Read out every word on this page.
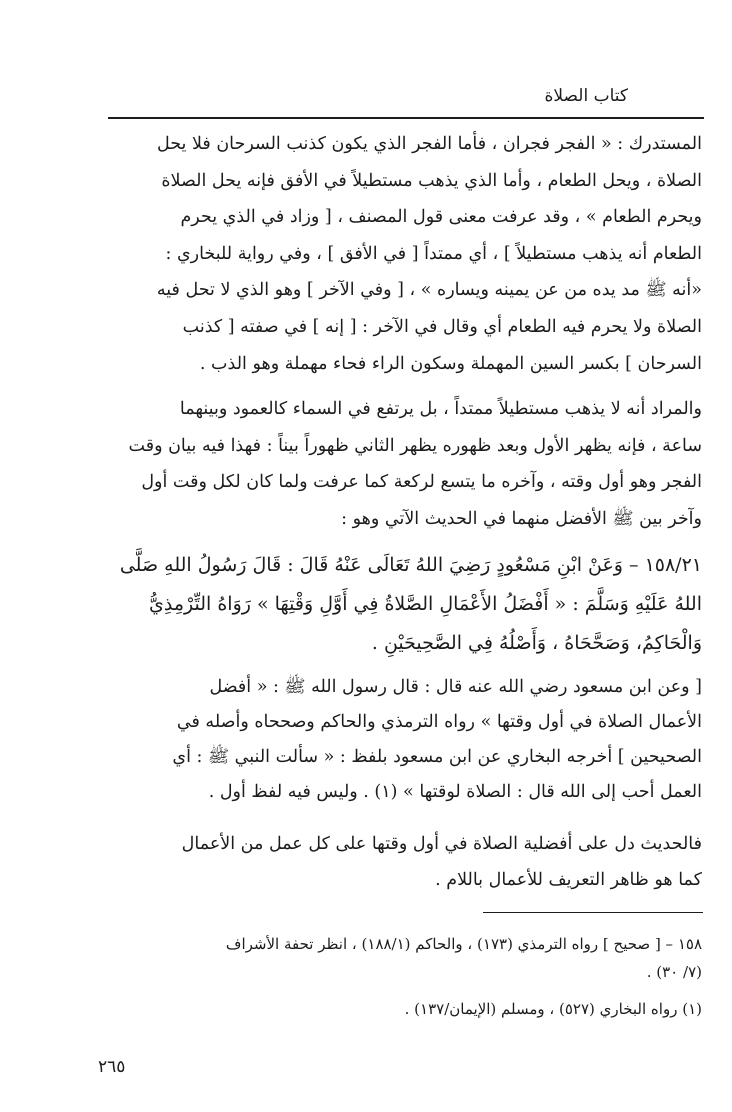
كتاب الصلاة
المستدرك : « الفجر فجران ، فأما الفجر الذي يكون كذنب السرحان فلا يحل
الصلاة ، ويحل الطعام ، وأما الذي يذهب مستطيلاً في الأفق فإنه يحل الصلاة
ويحرم الطعام » ، وقد عرفت معنى قول المصنف ، [ وزاد في الذي يحرم
الطعام أنه يذهب مستطيلاً ] ، أي ممتداً [ في الأفق ] ، وفي رواية للبخاري :
«أنه ﷺ مد يده من عن يمينه ويساره » ، [ وفي الآخر ] وهو الذي لا تحل فيه
الصلاة ولا يحرم فيه الطعام أي وقال في الآخر : [ إنه ] في صفته [ كذنب
السرحان ] بكسر السين المهملة وسكون الراء فحاء مهملة وهو الذب .
والمراد أنه لا يذهب مستطيلاً ممتداً ، بل يرتفع في السماء كالعمود وبينهما
ساعة ، فإنه يظهر الأول وبعد ظهوره يظهر الثاني ظهوراً بيناً : فهذا فيه بيان وقت
الفجر وهو أول وقته ، وآخره ما يتسع لركعة كما عرفت ولما كان لكل وقت أول
وآخر بين ﷺ الأفضل منهما في الحديث الآتي وهو :
١٥٨/٢١ – وَعَنْ ابْنِ مَسْعُودٍ رَضِيَ اللهُ تَعَالَى عَنْهُ قَالَ : قَالَ رَسُولُ اللهِ صَلَّى
اللهُ عَلَيْهِ وَسَلَّمَ : « أَفْضَلُ الأَعْمَالِ الصَّلاةُ فِي أَوَّلِ وَقْتِهَا » رَوَاهُ التِّرْمِذِيُّ
وَالْحَاكِمُ، وَصَحَّحَاهُ ، وَأَصْلُهُ فِي الصَّحِيحَيْنِ .
[ وعن ابن مسعود رضي الله عنه قال : قال رسول الله ﷺ : « أفضل
الأعمال الصلاة في أول وقتها » رواه الترمذي والحاكم وصححاه وأصله في
الصحيحين ] أخرجه البخاري عن ابن مسعود بلفظ : « سألت النبي ﷺ : أي
العمل أحب إلى الله قال : الصلاة لوقتها » (١) . وليس فيه لفظ أول .
فالحديث دل على أفضلية الصلاة في أول وقتها على كل عمل من الأعمال
كما هو ظاهر التعريف للأعمال باللام .
١٥٨ – [ صحيح ] رواه الترمذي (١٧٣) ، والحاكم (١٨٨/١) ، انظر تحفة الأشراف
(٧/ ٣٠) .
(١) رواه البخاري (٥٢٧) ، ومسلم (الإيمان/١٣٧) .
٢٦٥
